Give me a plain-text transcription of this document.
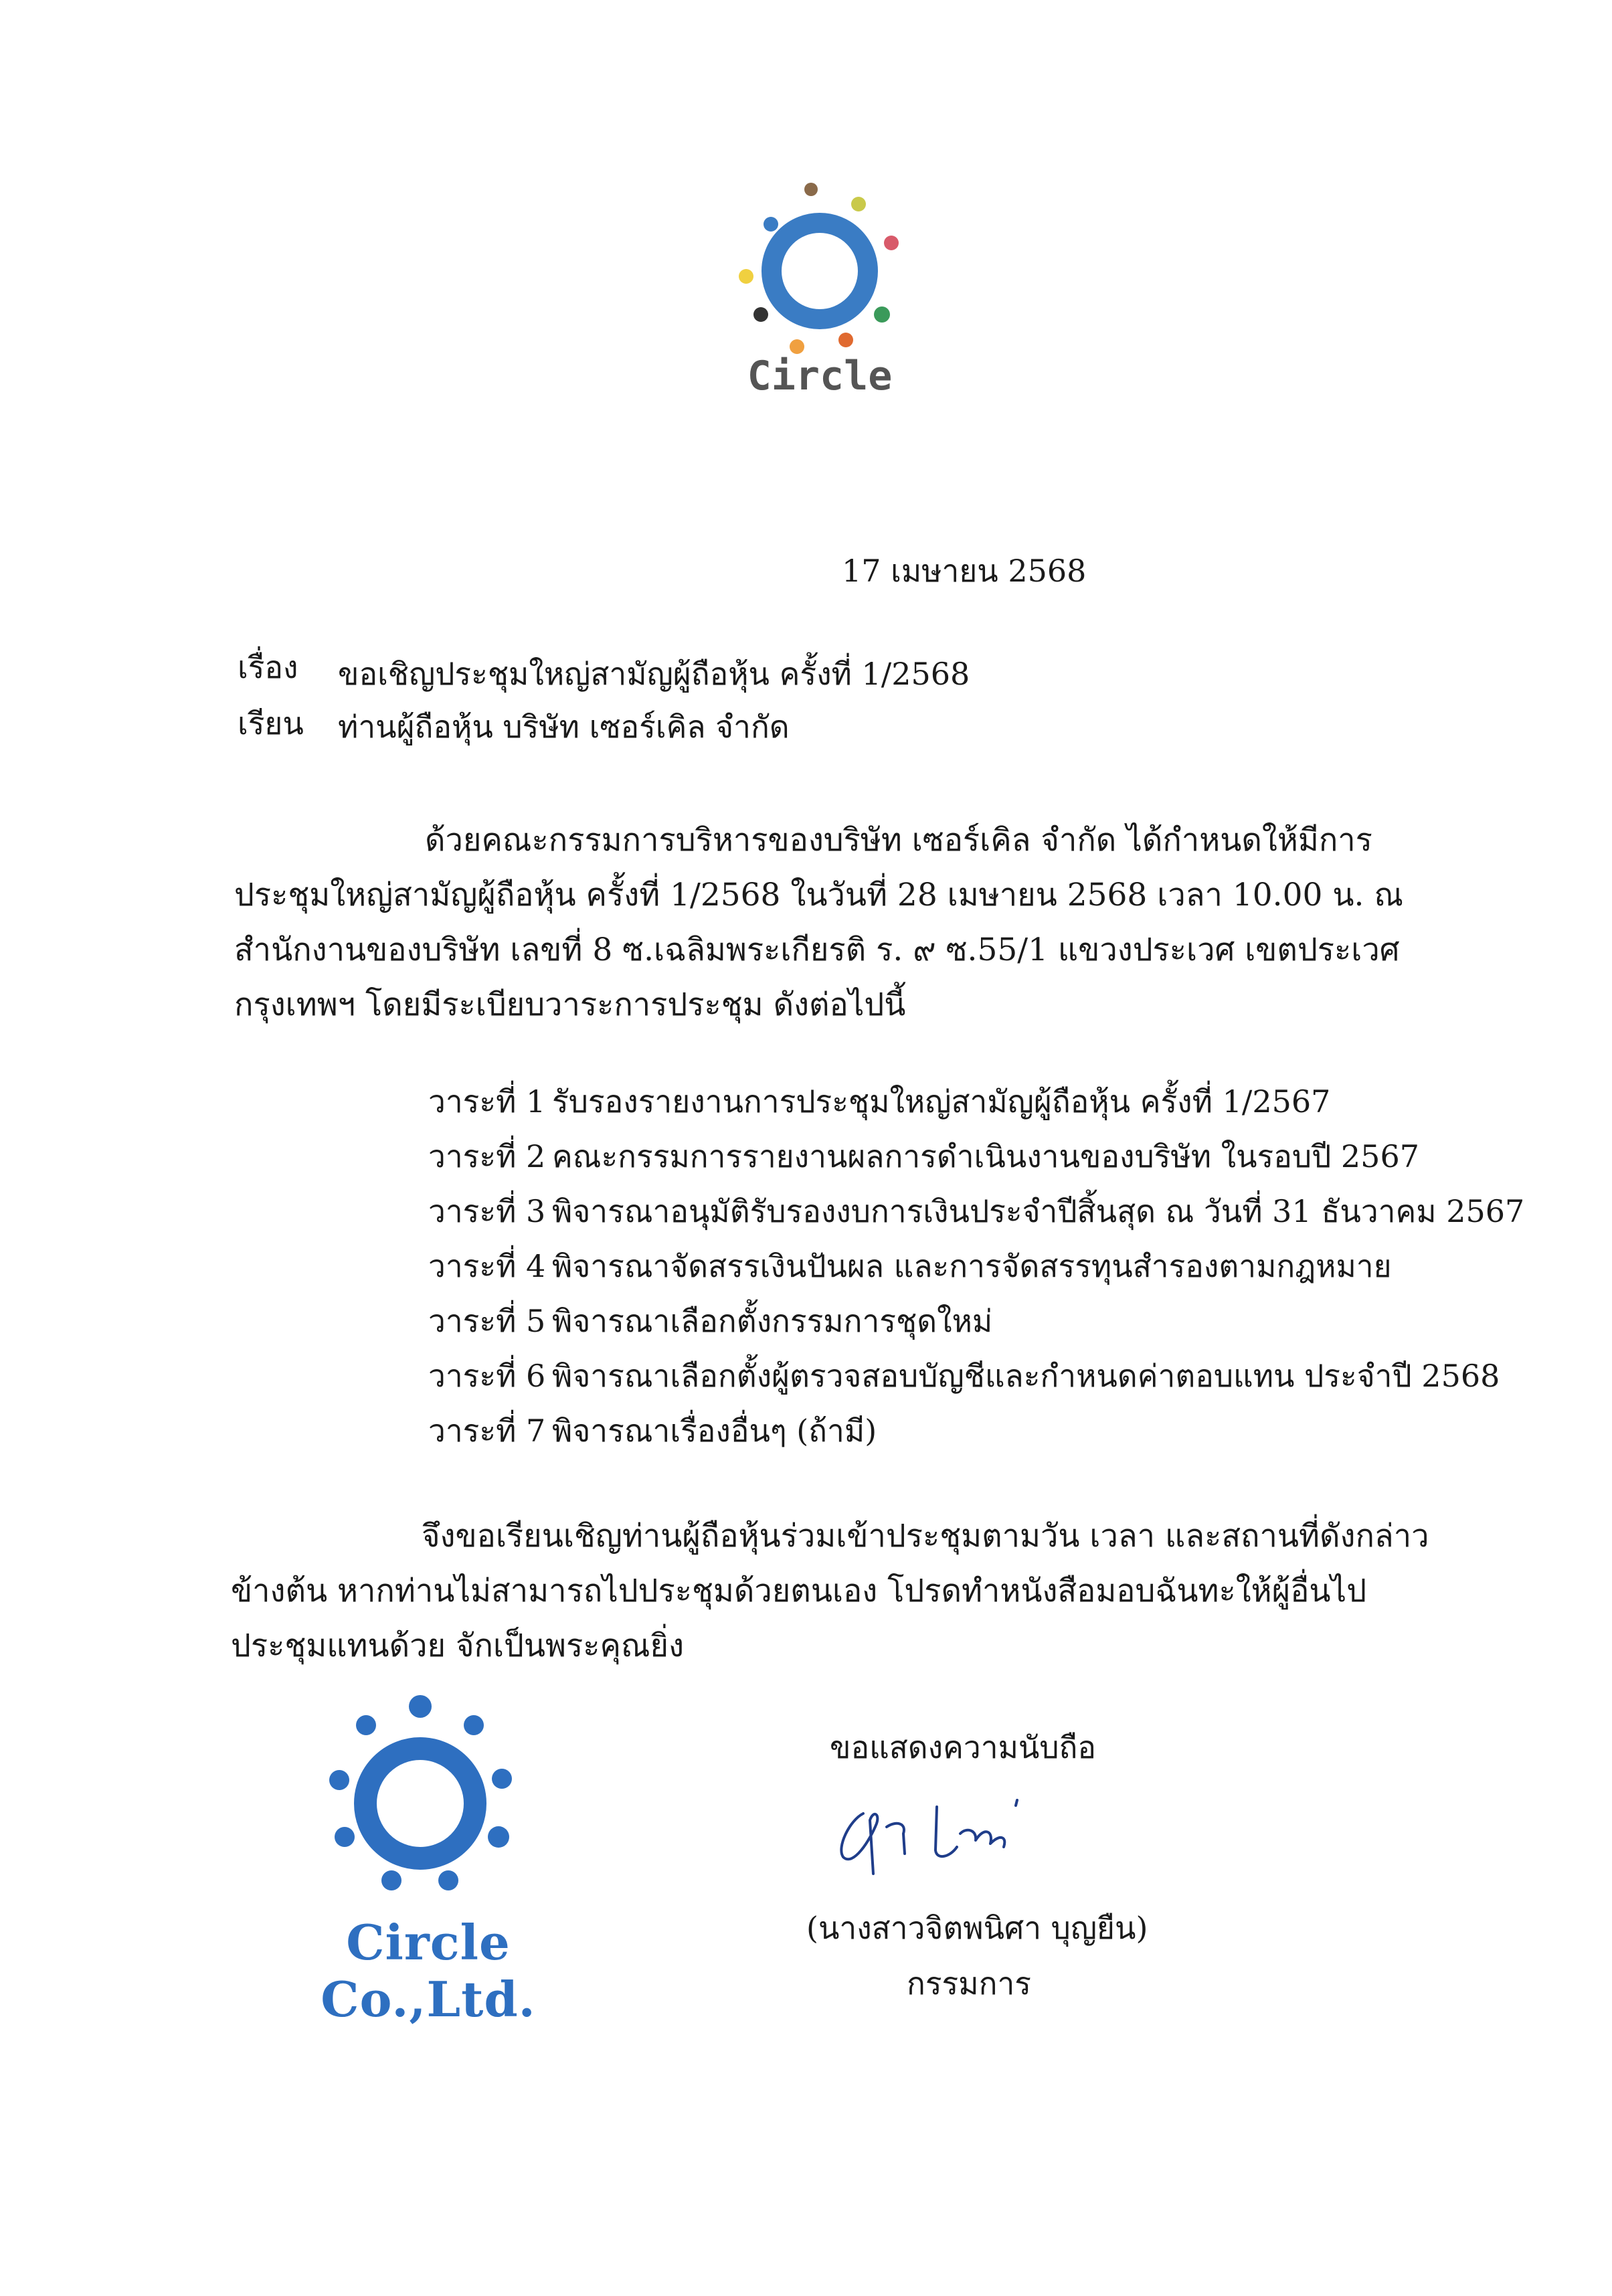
Circle
17 เมษายน 2568
เรื่อง ขอเชิญประชุมใหญ่สามัญผู้ถือหุ้น ครั้งที่ 1/2568
เรียน ท่านผู้ถือหุ้น บริษัท เซอร์เคิล จำกัด
ด้วยคณะกรรมการบริหารของบริษัท เซอร์เคิล จำกัด ได้กำหนดให้มีการประชุมใหญ่สามัญผู้ถือหุ้น ครั้งที่ 1/2568 ในวันที่ 28 เมษายน 2568 เวลา 10.00 น. ณ สำนักงานของบริษัท เลขที่ 8 ซ.เฉลิมพระเกียรติ ร. ๙ ซ.55/1 แขวงประเวศ เขตประเวศ กรุงเทพฯ โดยมีระเบียบวาระการประชุม ดังต่อไปนี้
วาระที่ 1 รับรองรายงานการประชุมใหญ่สามัญผู้ถือหุ้น ครั้งที่ 1/2567
วาระที่ 2 คณะกรรมการรายงานผลการดำเนินงานของบริษัท ในรอบปี 2567
วาระที่ 3 พิจารณาอนุมัติรับรองงบการเงินประจำปีสิ้นสุด ณ วันที่ 31 ธันวาคม 2567
วาระที่ 4 พิจารณาจัดสรรเงินปันผล และการจัดสรรทุนสำรองตามกฎหมาย
วาระที่ 5 พิจารณาเลือกตั้งกรรมการชุดใหม่
วาระที่ 6 พิจารณาเลือกตั้งผู้ตรวจสอบบัญชีและกำหนดค่าตอบแทน ประจำปี 2568
วาระที่ 7 พิจารณาเรื่องอื่นๆ (ถ้ามี)
จึงขอเรียนเชิญท่านผู้ถือหุ้นร่วมเข้าประชุมตามวัน เวลา และสถานที่ดังกล่าวข้างต้น หากท่านไม่สามารถไปประชุมด้วยตนเอง โปรดทำหนังสือมอบฉันทะให้ผู้อื่นไปประชุมแทนด้วย จักเป็นพระคุณยิ่ง
Circle Co.,Ltd.
ขอแสดงความนับถือ
(นางสาวจิตพนิศา บุญยืน)
กรรมการ
